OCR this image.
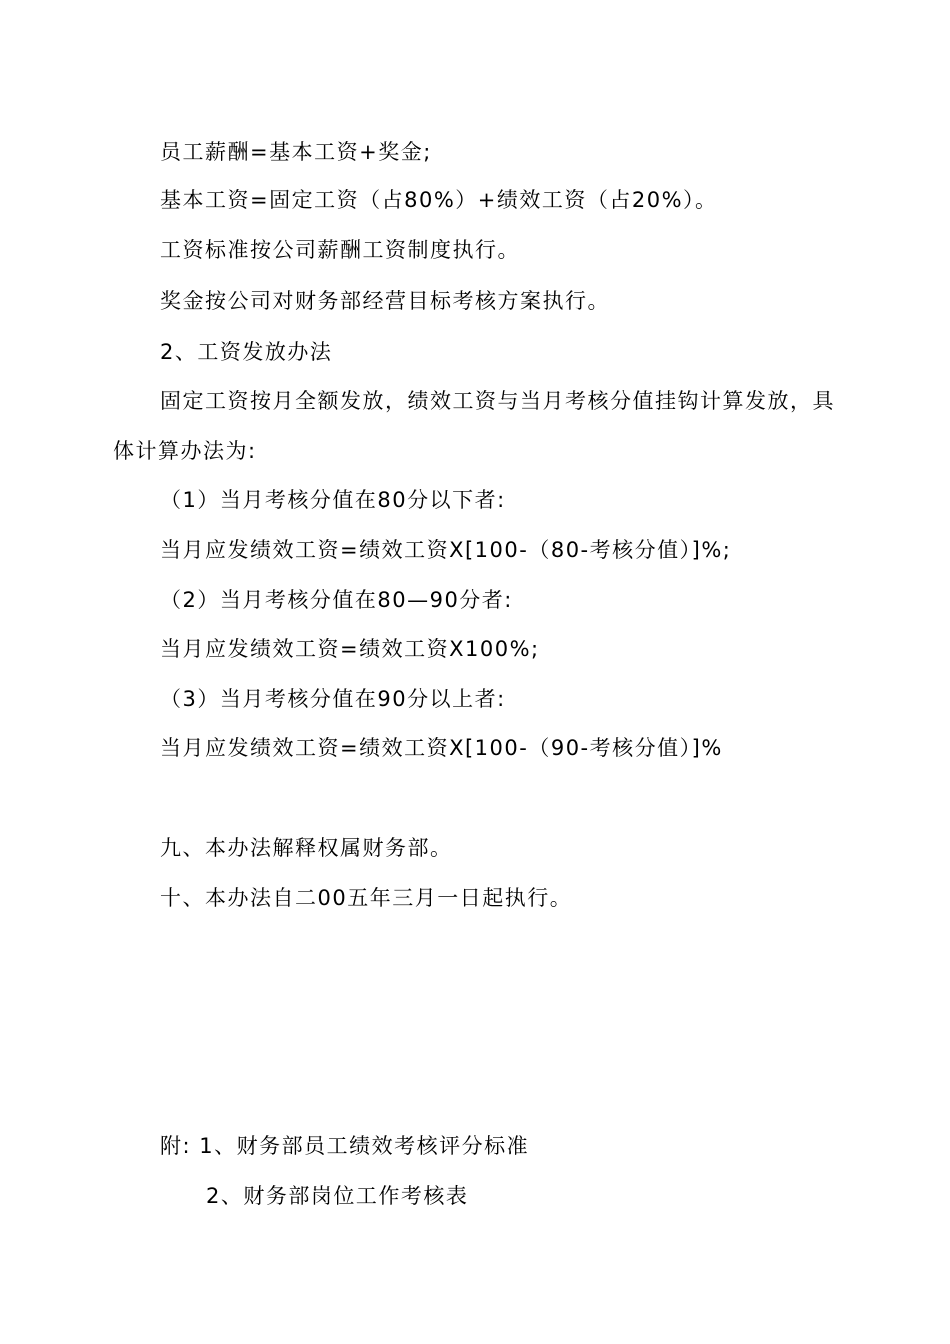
员工薪酬=基本工资+奖金;
基本工资=固定工资（占80%）+绩效工资（占20%）。
工资标准按公司薪酬工资制度执行。
奖金按公司对财务部经营目标考核方案执行。
2、工资发放办法
固定工资按月全额发放，绩效工资与当月考核分值挂钩计算发放，具
体计算办法为:
（1）当月考核分值在80分以下者:
当月应发绩效工资=绩效工资X[100-（80-考核分值）]%;
（2）当月考核分值在80—90分者:
当月应发绩效工资=绩效工资X100%;
（3）当月考核分值在90分以上者:
当月应发绩效工资=绩效工资X[100-（90-考核分值）]%
九、本办法解释权属财务部。
十、本办法自二00五年三月一日起执行。
附: 1、财务部员工绩效考核评分标准
2、财务部岗位工作考核表
